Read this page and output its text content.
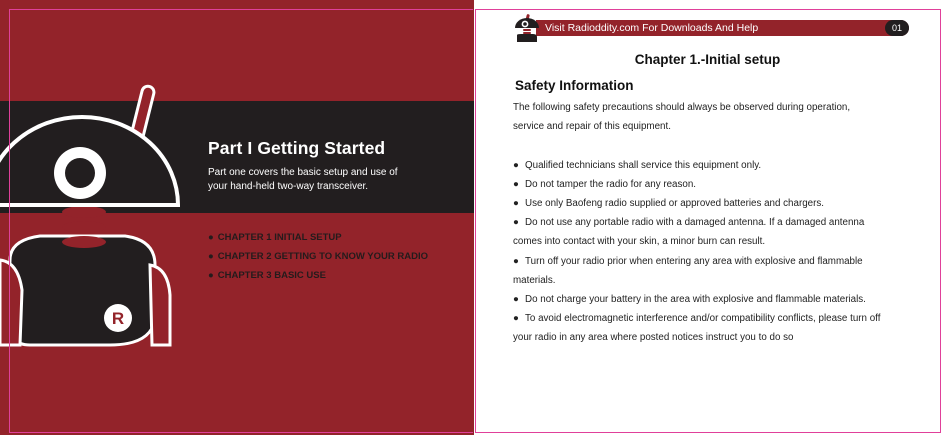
R
Part I Getting Started

Part one covers the basic setup and use of
your hand-held two-way transceiver.

● CHAPTER 1 INITIAL SETUP
● CHAPTER 2 GETTING TO KNOW YOUR RADIO
● CHAPTER 3 BASIC USE
Visit Radioddity.com For Downloads And Help	01
Chapter 1.-Initial setup
Safety Information

The following safety precautions should always be observed during operation,

service and repair of this equipment.

● Qualified technicians shall service this equipment only.

● Do not tamper the radio for any reason.

● Use only Baofeng radio supplied or approved batteries and chargers.

● Do not use any portable radio with a damaged antenna. If a damaged antenna

comes into contact with your skin, a minor burn can result.

● Turn off your radio prior when entering any area with explosive and flammable

materials.

● Do not charge your battery in the area with explosive and flammable materials.

● To avoid electromagnetic interference and/or compatibility conflicts, please turn off

your radio in any area where posted notices instruct you to do so
